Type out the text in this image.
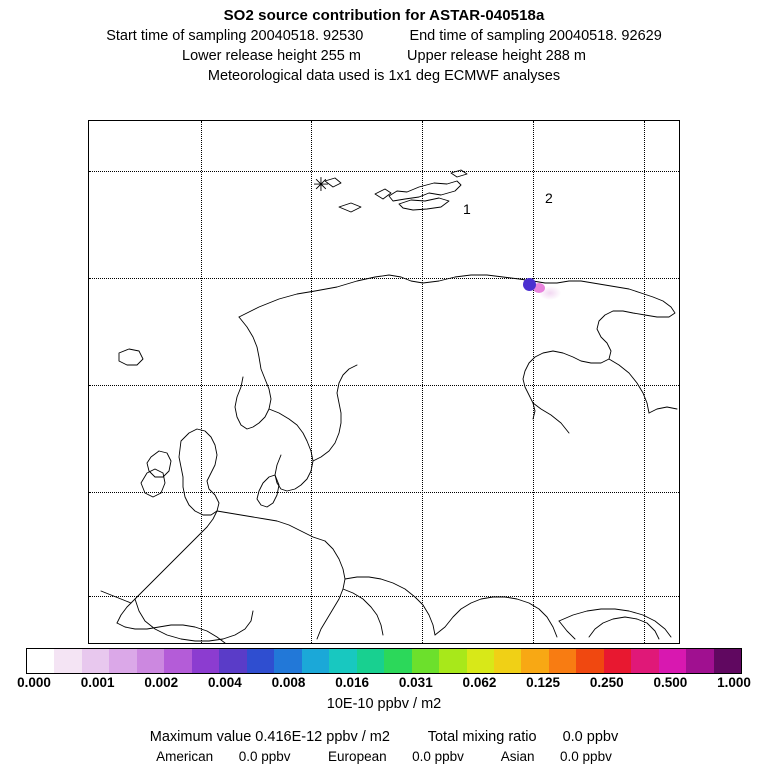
SO2 source contribution for ASTAR-040518a
Start time of sampling 20040518. 92530	End time of sampling 20040518. 92629
Lower release height 255 m	Upper release height 288 m
Meteorological data used is 1x1 deg ECMWF analyses
✳
1
2
0.000 0.001 0.002 0.004 0.008 0.016 0.031 0.062 0.125 0.250 0.500 1.000
10E-10 ppbv / m2
Maximum value 0.416E-12 ppbv / m2	Total mixing ratio 0.0 ppbv
American 0.0 ppbv	European 0.0 ppbv	Asian 0.0 ppbv
